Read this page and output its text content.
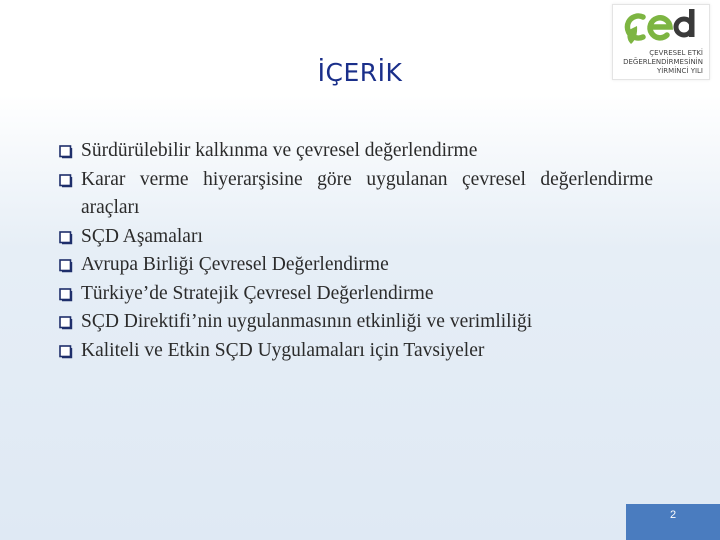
İÇERİK
ÇEVRESEL ETKİ
DEĞERLENDİRMESİNİN
YİRMİNCİ YILI
Sürdürülebilir kalkınma ve çevresel değerlendirme
Karar verme hiyerarşisine göre uygulanan çevresel değerlendirme araçları
SÇD Aşamaları
Avrupa Birliği Çevresel Değerlendirme
Türkiye’de Stratejik Çevresel Değerlendirme
SÇD Direktifi’nin uygulanmasının etkinliği ve verimliliği
Kaliteli ve Etkin SÇD Uygulamaları için Tavsiyeler
2
